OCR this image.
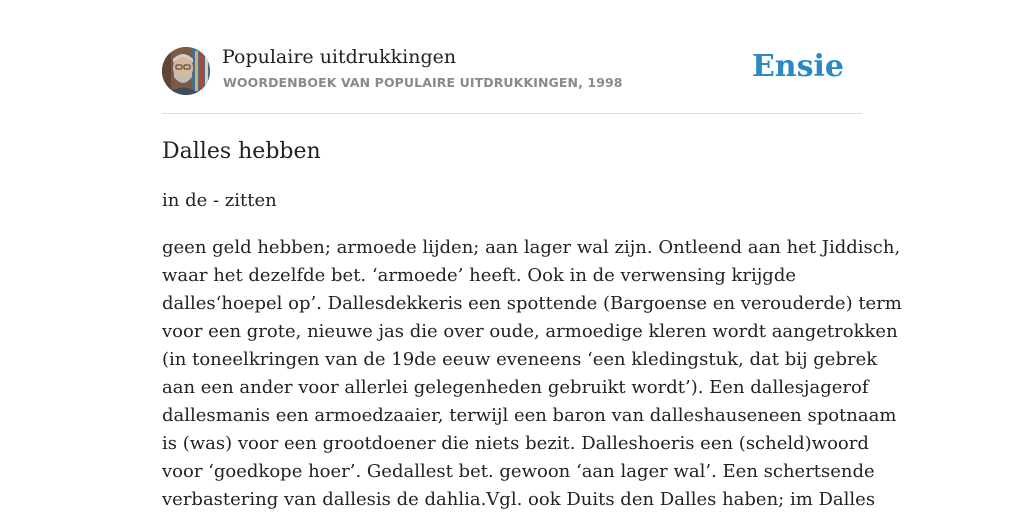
Populaire uitdrukkingen
WOORDENBOEK VAN POPULAIRE UITDRUKKINGEN, 1998	Ensie
Dalles hebben

in de - zitten

geen geld hebben; armoede lijden; aan lager wal zijn. Ontleend aan het Jiddisch,
waar het dezelfde bet. ‘armoede’ heeft. Ook in de verwensing krijgde
dalles‘hoepel op’. Dallesdekkeris een spottende (Bargoense en verouderde) term
voor een grote, nieuwe jas die over oude, armoedige kleren wordt aangetrokken
(in toneelkringen van de 19de eeuw eveneens ‘een kledingstuk, dat bij gebrek
aan een ander voor allerlei gelegenheden gebruikt wordt’). Een dallesjagerof
dallesmanis een armoedzaaier, terwijl een baron van dalleshauseneen spotnaam
is (was) voor een grootdoener die niets bezit. Dalleshoeris een (scheld)woord
voor ‘goedkope hoer’. Gedallest bet. gewoon ‘aan lager wal’. Een schertsende
verbastering van dallesis de dahlia.Vgl. ook Duits den Dalles haben; im Dalles
